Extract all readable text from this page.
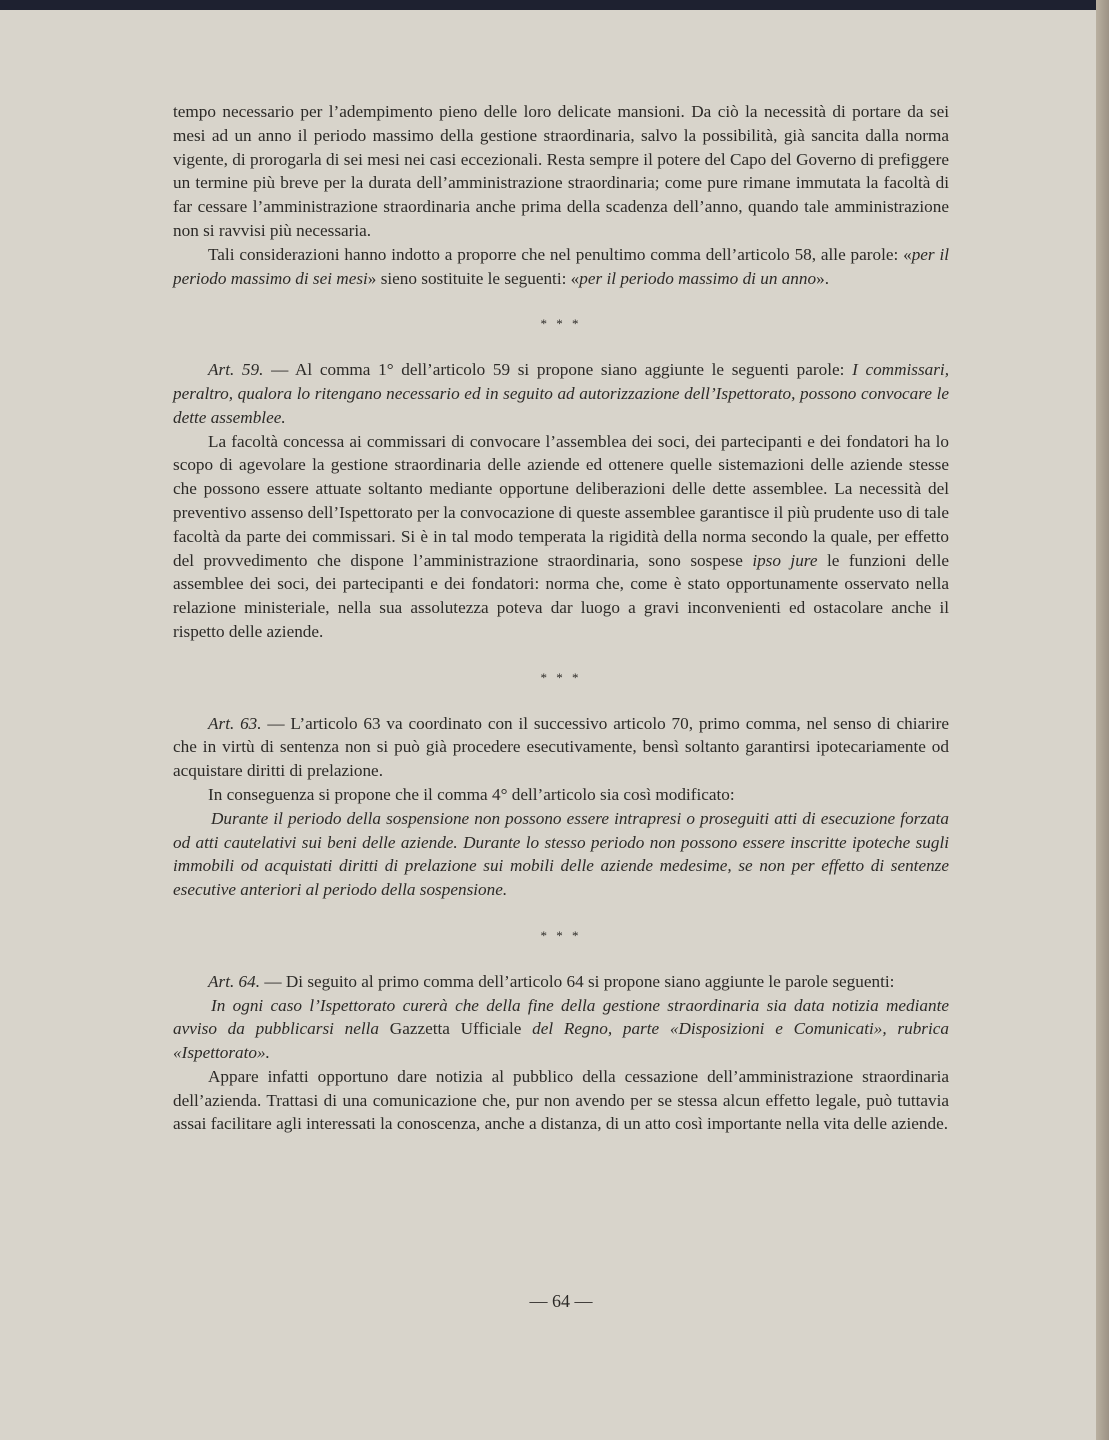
tempo necessario per l’adempimento pieno delle loro delicate mansioni. Da ciò la necessità di portare da sei mesi ad un anno il periodo massimo della gestione straordinaria, salvo la possibilità, già sancita dalla norma vigente, di prorogarla di sei mesi nei casi eccezionali. Resta sempre il potere del Capo del Governo di prefiggere un termine più breve per la durata dell’amministrazione straordinaria; come pure rimane immutata la facoltà di far cessare l’amministrazione straordinaria anche prima della scadenza dell’anno, quando tale amministrazione non si ravvisi più necessaria.

Tali considerazioni hanno indotto a proporre che nel penultimo comma dell’articolo 58, alle parole: «per il periodo massimo di sei mesi» sieno sostituite le seguenti: «per il periodo massimo di un anno».

* * *

Art. 59. — Al comma 1° dell’articolo 59 si propone siano aggiunte le seguenti parole: I commissari, peraltro, qualora lo ritengano necessario ed in seguito ad autorizzazione dell’Ispettorato, possono convocare le dette assemblee.

La facoltà concessa ai commissari di convocare l’assemblea dei soci, dei partecipanti e dei fondatori ha lo scopo di agevolare la gestione straordinaria delle aziende ed ottenere quelle sistemazioni delle aziende stesse che possono essere attuate soltanto mediante opportune deliberazioni delle dette assemblee. La necessità del preventivo assenso dell’Ispettorato per la convocazione di queste assemblee garantisce il più prudente uso di tale facoltà da parte dei commissari. Si è in tal modo temperata la rigidità della norma secondo la quale, per effetto del provvedimento che dispone l’amministrazione straordinaria, sono sospese ipso jure le funzioni delle assemblee dei soci, dei partecipanti e dei fondatori: norma che, come è stato opportunamente osservato nella relazione ministeriale, nella sua assolutezza poteva dar luogo a gravi inconvenienti ed ostacolare anche il rispetto delle aziende.

* * *

Art. 63. — L’articolo 63 va coordinato con il successivo articolo 70, primo comma, nel senso di chiarire che in virtù di sentenza non si può già procedere esecutivamente, bensì soltanto garantirsi ipotecariamente od acquistare diritti di prelazione.

In conseguenza si propone che il comma 4° dell’articolo sia così modificato:

Durante il periodo della sospensione non possono essere intrapresi o proseguiti atti di esecuzione forzata od atti cautelativi sui beni delle aziende. Durante lo stesso periodo non possono essere inscritte ipoteche sugli immobili od acquistati diritti di prelazione sui mobili delle aziende medesime, se non per effetto di sentenze esecutive anteriori al periodo della sospensione.

* * *

Art. 64. — Di seguito al primo comma dell’articolo 64 si propone siano aggiunte le parole seguenti:

In ogni caso l’Ispettorato curerà che della fine della gestione straordinaria sia data notizia mediante avviso da pubblicarsi nella Gazzetta Ufficiale del Regno, parte «Disposizioni e Comunicati», rubrica «Ispettorato».

Appare infatti opportuno dare notizia al pubblico della cessazione dell’amministrazione straordinaria dell’azienda. Trattasi di una comunicazione che, pur non avendo per se stessa alcun effetto legale, può tuttavia assai facilitare agli interessati la conoscenza, anche a distanza, di un atto così importante nella vita delle aziende.

— 64 —
